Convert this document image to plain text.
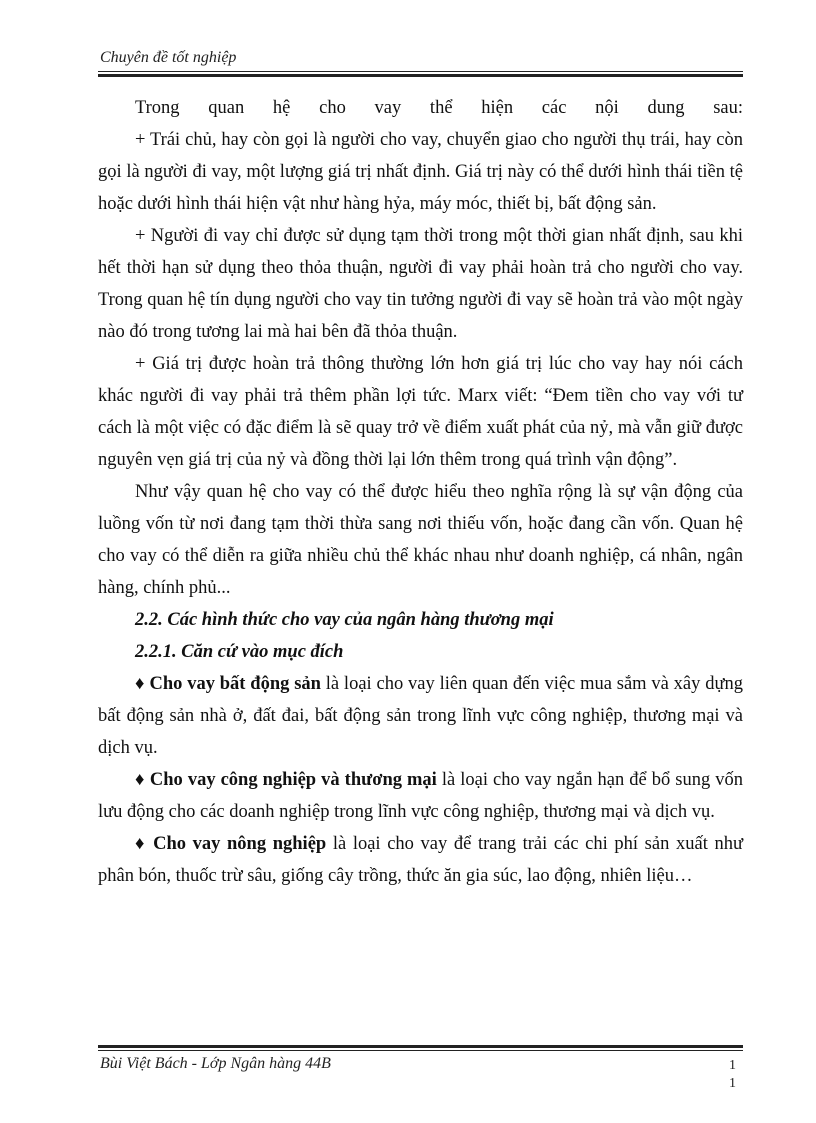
Chuyên đề tốt nghiệp

Trong quan hệ cho vay thể hiện các nội dung sau:

+ Trái chủ, hay còn gọi là người cho vay, chuyển giao cho người thụ trái, hay còn gọi là người đi vay, một lượng giá trị nhất định. Giá trị này có thể dưới hình thái tiền tệ hoặc dưới hình thái hiện vật như hàng hỷa, máy móc, thiết bị, bất động sản.

+ Người đi vay chỉ được sử dụng tạm thời trong một thời gian nhất định, sau khi hết thời hạn sử dụng theo thỏa thuận, người đi vay phải hoàn trả cho người cho vay. Trong quan hệ tín dụng người cho vay tin tưởng người đi vay sẽ hoàn trả vào một ngày nào đó trong tương lai mà hai bên đã thỏa thuận.

+ Giá trị được hoàn trả thông thường lớn hơn giá trị lúc cho vay hay nói cách khác người đi vay phải trả thêm phần lợi tức. Marx viết: “Đem tiền cho vay với tư cách là một việc có đặc điểm là sẽ quay trở về điểm xuất phát của nỷ, mà vẫn giữ được nguyên vẹn giá trị của nỷ và đồng thời lại lớn thêm trong quá trình vận động”.

Như vậy quan hệ cho vay có thể được hiểu theo nghĩa rộng là sự vận động của luồng vốn từ nơi đang tạm thời thừa sang nơi thiếu vốn, hoặc đang cần vốn. Quan hệ cho vay có thể diễn ra giữa nhiều chủ thể khác nhau như doanh nghiệp, cá nhân, ngân hàng, chính phủ...

2.2. Các hình thức cho vay của ngân hàng thương mại

2.2.1. Căn cứ vào mục đích

♦ Cho vay bất động sản là loại cho vay liên quan đến việc mua sắm và xây dựng bất động sản nhà ở, đất đai, bất động sản trong lĩnh vực công nghiệp, thương mại và dịch vụ.

♦ Cho vay công nghiệp và thương mại là loại cho vay ngắn hạn để bổ sung vốn lưu động cho các doanh nghiệp trong lĩnh vực công nghiệp, thương mại và dịch vụ.

♦ Cho vay nông nghiệp là loại cho vay để trang trải các chi phí sản xuất như phân bón, thuốc trừ sâu, giống cây trồng, thức ăn gia súc, lao động, nhiên liệu…

Bùi Việt Bách - Lớp Ngân hàng 44B	1
1
